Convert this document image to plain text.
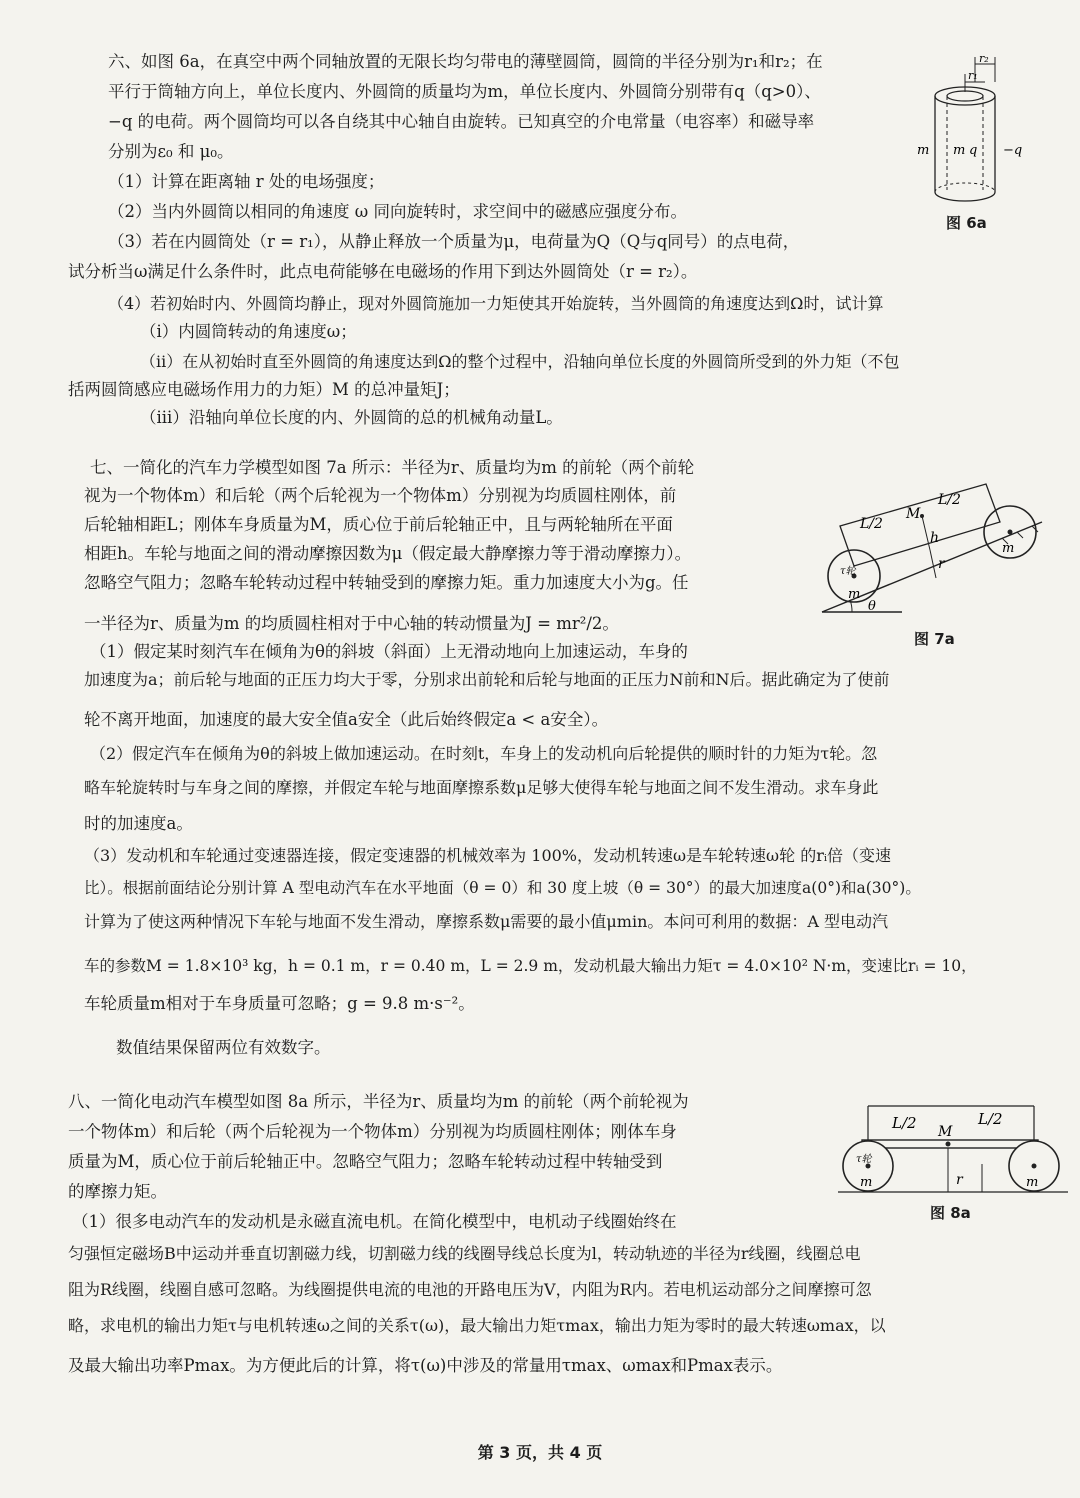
六、如图 6a，在真空中两个同轴放置的无限长均匀带电的薄壁圆筒，圆筒的半径分别为r₁和r₂；在
平行于筒轴方向上，单位长度内、外圆筒的质量均为m，单位长度内、外圆筒分别带有q（q>0）、
−q 的电荷。两个圆筒均可以各自绕其中心轴自由旋转。已知真空的介电常量（电容率）和磁导率
分别为ε₀ 和 μ₀。
（1）计算在距离轴 r 处的电场强度；
（2）当内外圆筒以相同的角速度 ω 同向旋转时，求空间中的磁感应强度分布。
（3）若在内圆筒处（r = r₁），从静止释放一个质量为μ，电荷量为Q（Q与q同号）的点电荷，
试分析当ω满足什么条件时，此点电荷能够在电磁场的作用下到达外圆筒处（r = r₂）。
（4）若初始时内、外圆筒均静止，现对外圆筒施加一力矩使其开始旋转，当外圆筒的角速度达到Ω时，试计算
（i）内圆筒转动的角速度ω；
（ii）在从初始时直至外圆筒的角速度达到Ω的整个过程中，沿轴向单位长度的外圆筒所受到的外力矩（不包
括两圆筒感应电磁场作用力的力矩）M 的总冲量矩J；
（iii）沿轴向单位长度的内、外圆筒的总的机械角动量L。
r₂
r₁
m m q −q
图 6a
七、一简化的汽车力学模型如图 7a 所示：半径为r、质量均为m 的前轮（两个前轮
视为一个物体m）和后轮（两个后轮视为一个物体m）分别视为均质圆柱刚体，前
后轮轴相距L；刚体车身质量为M，质心位于前后轮轴正中，且与两轮轴所在平面
相距h。车轮与地面之间的滑动摩擦因数为μ（假定最大静摩擦力等于滑动摩擦力）。
忽略空气阻力；忽略车轮转动过程中转轴受到的摩擦力矩。重力加速度大小为g。任
一半径为r、质量为m 的均质圆柱相对于中心轴的转动惯量为J = mr²/2。
（1）假定某时刻汽车在倾角为θ的斜坡（斜面）上无滑动地向上加速运动，车身的
加速度为a；前后轮与地面的正压力均大于零，分别求出前轮和后轮与地面的正压力N前和N后。据此确定为了使前
轮不离开地面，加速度的最大安全值a安全（此后始终假定a < a安全）。
（2）假定汽车在倾角为θ的斜坡上做加速运动。在时刻t，车身上的发动机向后轮提供的顺时针的力矩为τ轮。忽
略车轮旋转时与车身之间的摩擦，并假定车轮与地面摩擦系数μ足够大使得车轮与地面之间不发生滑动。求车身此
时的加速度a。
（3）发动机和车轮通过变速器连接，假定变速器的机械效率为 100%，发动机转速ω是车轮转速ω轮 的rᵢ倍（变速
比）。根据前面结论分别计算 A 型电动汽车在水平地面（θ = 0）和 30 度上坡（θ = 30°）的最大加速度a(0°)和a(30°)。
计算为了使这两种情况下车轮与地面不发生滑动，摩擦系数μ需要的最小值μmin。本问可利用的数据：A 型电动汽
车的参数M = 1.8×10³ kg，h = 0.1 m，r = 0.40 m，L = 2.9 m，发动机最大输出力矩τ = 4.0×10² N·m，变速比rᵢ = 10，
车轮质量m相对于车身质量可忽略；g = 9.8 m·s⁻²。
数值结果保留两位有效数字。
L/2
L/2
M
h
r
m
m
τ轮
θ
图 7a
八、一简化电动汽车模型如图 8a 所示，半径为r、质量均为m 的前轮（两个前轮视为
一个物体m）和后轮（两个后轮视为一个物体m）分别视为均质圆柱刚体；刚体车身
质量为M，质心位于前后轮轴正中。忽略空气阻力；忽略车轮转动过程中转轴受到
的摩擦力矩。
（1）很多电动汽车的发动机是永磁直流电机。在简化模型中，电机动子线圈始终在
匀强恒定磁场B中运动并垂直切割磁力线，切割磁力线的线圈导线总长度为l，转动轨迹的半径为r线圈，线圈总电
阻为R线圈，线圈自感可忽略。为线圈提供电流的电池的开路电压为V，内阻为R内。若电机运动部分之间摩擦可忽
略，求电机的输出力矩τ与电机转速ω之间的关系τ(ω)，最大输出力矩τmax，输出力矩为零时的最大转速ωmax，以
及最大输出功率Pmax。为方便此后的计算，将τ(ω)中涉及的常量用τmax、ωmax和Pmax表示。
L/2	L/2
M
r
m	m
τ轮
图 8a
第 3 页，共 4 页
